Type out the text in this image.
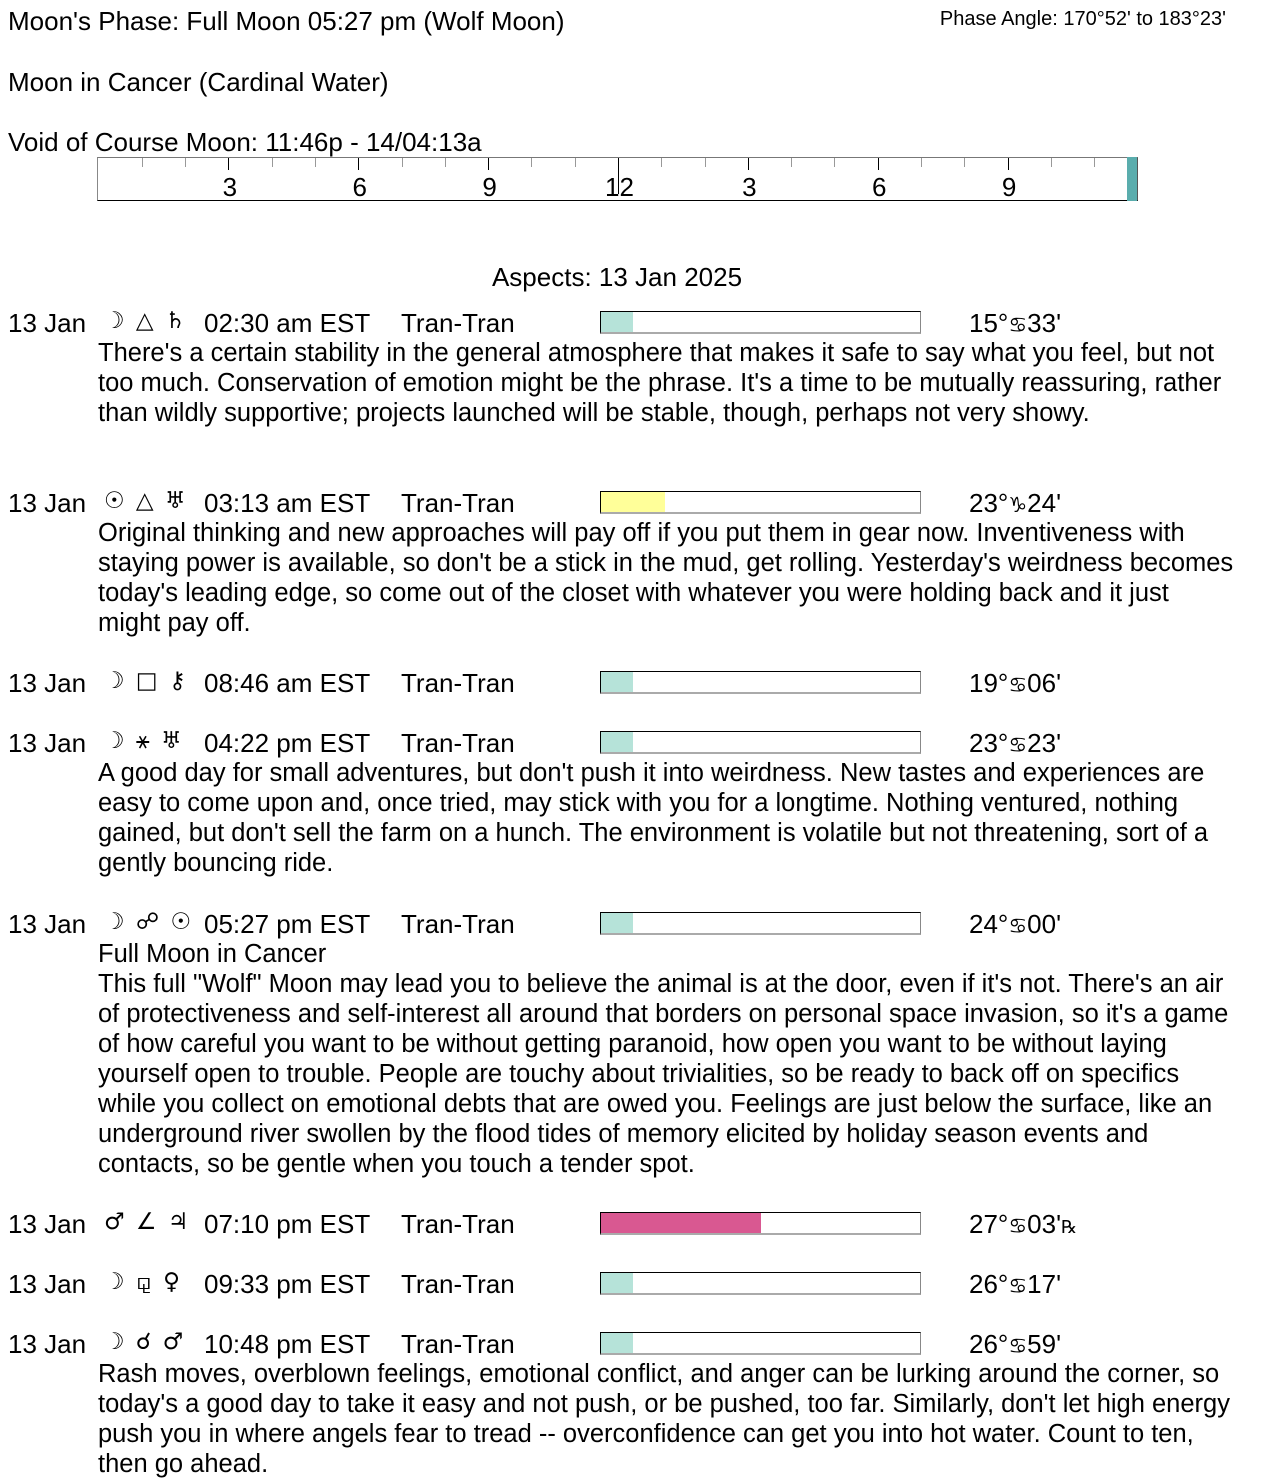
Moon's Phase: Full Moon 05:27 pm (Wolf Moon)	Phase Angle: 170°52' to 183°23'
Moon in Cancer (Cardinal Water)
Void of Course Moon: 11:46p - 14/04:13a
3	6	9	12	3	6	9
Aspects: 13 Jan 2025
13 Jan ☽ △ ♄ 02:30 am EST Tran-Tran	15°♋33'

There's a certain stability in the general atmosphere that makes it safe to say what you feel, but not too much. Conservation of emotion might be the phrase. It's a time to be mutually reassuring, rather than wildly supportive; projects launched will be stable, though, perhaps not very showy.

13 Jan ☉ △ ♅ 03:13 am EST Tran-Tran	23°♑24'

Original thinking and new approaches will pay off if you put them in gear now. Inventiveness with staying power is available, so don't be a stick in the mud, get rolling. Yesterday's weirdness becomes today's leading edge, so come out of the closet with whatever you were holding back and it just might pay off.

13 Jan ☽ □ ⚷ 08:46 am EST Tran-Tran	19°♋06'
13 Jan ☽ ⚹ ♅ 04:22 pm EST Tran-Tran	23°♋23'

A good day for small adventures, but don't push it into weirdness. New tastes and experiences are easy to come upon and, once tried, may stick with you for a longtime. Nothing ventured, nothing gained, but don't sell the farm on a hunch. The environment is volatile but not threatening, sort of a gently bouncing ride.

13 Jan ☽ ☍ ☉ 05:27 pm EST Tran-Tran	24°♋00'

Full Moon in Cancer

This full "Wolf" Moon may lead you to believe the animal is at the door, even if it's not. There's an air of protectiveness and self-interest all around that borders on personal space invasion, so it's a game of how careful you want to be without getting paranoid, how open you want to be without laying yourself open to trouble. People are touchy about trivialities, so be ready to back off on specifics while you collect on emotional debts that are owed you. Feelings are just below the surface, like an underground river swollen by the flood tides of memory elicited by holiday season events and contacts, so be gentle when you touch a tender spot.

13 Jan ♂ ∠ ♃ 07:10 pm EST Tran-Tran	27°♋03'℞
13 Jan ☽ ⚼ ♀ 09:33 pm EST Tran-Tran	26°♋17'
13 Jan ☽ ☌ ♂ 10:48 pm EST Tran-Tran	26°♋59'

Rash moves, overblown feelings, emotional conflict, and anger can be lurking around the corner, so today's a good day to take it easy and not push, or be pushed, too far. Similarly, don't let high energy push you in where angels fear to tread -- overconfidence can get you into hot water. Count to ten, then go ahead.
